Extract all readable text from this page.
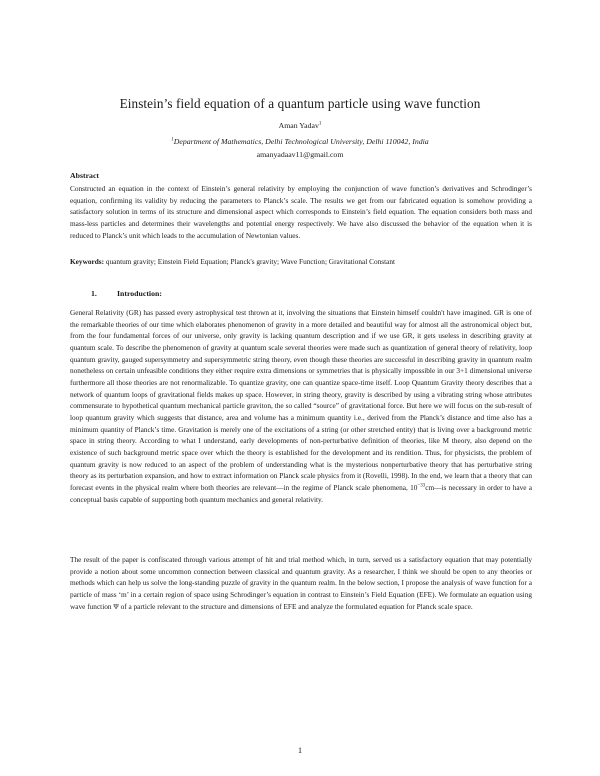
Einstein’s field equation of a quantum particle using wave function
Aman Yadav$^1$
$^1$Department of Mathematics, Delhi Technological University, Delhi 110042, India
amanyadaav11@gmail.com
Abstract

Constructed an equation in the context of Einstein’s general relativity by employing the conjunction of wave function’s derivatives and Schrodinger’s equation, confirming its validity by reducing the parameters to Planck’s scale. The results we get from our fabricated equation is somehow providing a satisfactory solution in terms of its structure and dimensional aspect which corresponds to Einstein’s field equation. The equation considers both mass and mass-less particles and determines their wavelengths and potential energy respectively. We have also discussed the behavior of the equation when it is reduced to Planck’s unit which leads to the accumulation of Newtonian values.

Keywords: quantum gravity; Einstein Field Equation; Planck's gravity; Wave Function; Gravitational Constant
1.	Introduction:

General Relativity (GR) has passed every astrophysical test thrown at it, involving the situations that Einstein himself couldn't have imagined. GR is one of the remarkable theories of our time which elaborates phenomenon of gravity in a more detailed and beautiful way for almost all the astronomical object but, from the four fundamental forces of our universe, only gravity is lacking quantum description and if we use GR, it gets useless in describing gravity at quantum scale. To describe the phenomenon of gravity at quantum scale several theories were made such as quantization of general theory of relativity, loop quantum gravity, gauged supersymmetry and supersymmetric string theory, even though these theories are successful in describing gravity in quantum realm nonetheless on certain unfeasible conditions they either require extra dimensions or symmetries that is physically impossible in our 3+1 dimensional universe furthermore all those theories are not renormalizable. To quantize gravity, one can quantize space-time itself. Loop Quantum Gravity theory describes that a network of quantum loops of gravitational fields makes up space. However, in string theory, gravity is described by using a vibrating string whose attributes commensurate to hypothetical quantum mechanical particle graviton, the so called “source” of gravitational force. But here we will focus on the sub-result of loop quantum gravity which suggests that distance, area and volume has a minimum quantity i.e., derived from the Planck’s distance and time also has a minimum quantity of Planck’s time. Gravitation is merely one of the excitations of a string (or other stretched entity) that is living over a background metric space in string theory. According to what I understand, early developments of non-perturbative definition of theories, like M theory, also depend on the existence of such background metric space over which the theory is established for the development and its rendition. Thus, for physicists, the problem of quantum gravity is now reduced to an aspect of the problem of understanding what is the mysterious nonperturbative theory that has perturbative string theory as its perturbation expansion, and how to extract information on Planck scale physics from it (Rovelli, 1998). In the end, we learn that a theory that can forecast events in the physical realm where both theories are relevant—in the regime of Planck scale phenomena, $10^{-33}cm—is$ necessary in order to have a conceptual basis capable of supporting both quantum mechanics and general relativity.

The result of the paper is confiscated through various attempt of hit and trial method which, in turn, served us a satisfactory equation that may potentially provide a notion about some uncommon connection between classical and quantum gravity. As a researcher, I think we should be open to any theories or methods which can help us solve the long-standing puzzle of gravity in the quantum realm. In the below section, I propose the analysis of wave function for a particle of mass ‘m’ in a certain region of space using Schrodinger’s equation in contrast to Einstein’s Field Equation (EFE). We formulate an equation using wave function Ψ of a particle relevant to the structure and dimensions of EFE and analyze the formulated equation for Planck scale space.

1
